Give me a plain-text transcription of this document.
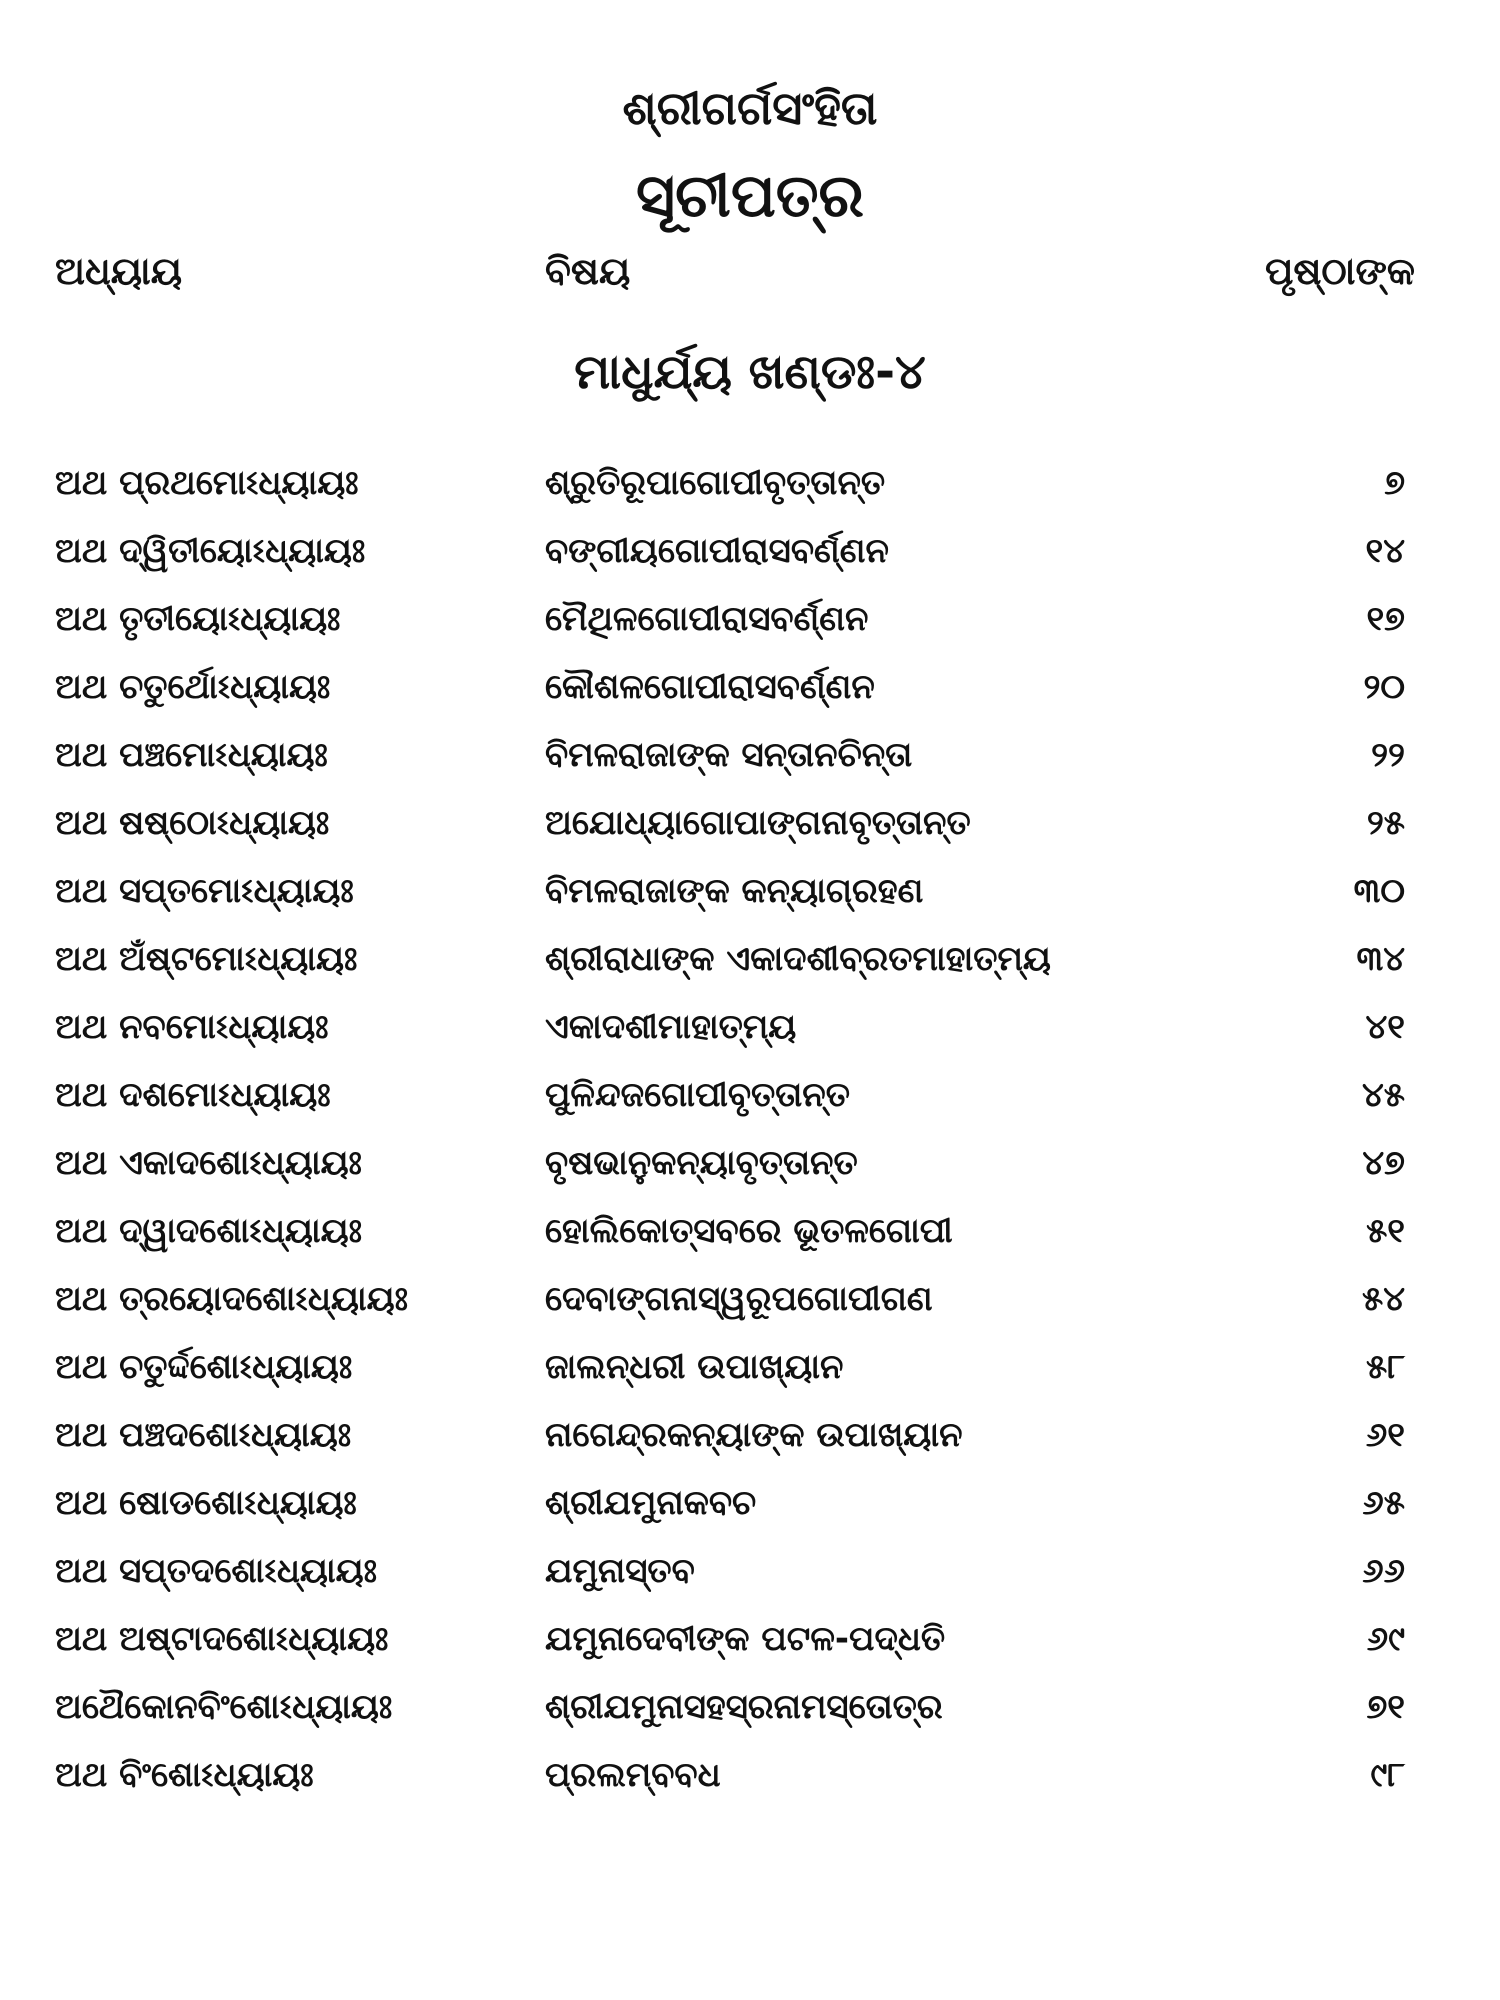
ଶ୍ରୀଗର୍ଗସଂହିତା
ସୂଚୀପତ୍ର
ଅଧ୍ୟାୟ	ବିଷୟ	ପୃଷ୍ଠାଙ୍କ
ମାଧୁର୍ଯ୍ୟ ଖଣ୍ଡଃ-୪
ଅଥ ପ୍ରଥମୋଽଧ୍ୟାୟଃ	ଶ୍ରୁତିରୂପାଗୋପୀବୃତ୍ତାନ୍ତ	୭
ଅଥ ଦ୍ୱିତୀୟୋଽଧ୍ୟାୟଃ	ବଙ୍ଗୀୟଗୋପୀରାସବର୍ଣ୍ଣନ	୧୪
ଅଥ ତୃତୀୟୋଽଧ୍ୟାୟଃ	ମୈଥିଳଗୋପୀରାସବର୍ଣ୍ଣନ	୧୭
ଅଥ ଚତୁର୍ଥୋଽଧ୍ୟାୟଃ	କୌଶଳଗୋପୀରାସବର୍ଣ୍ଣନ	୨୦
ଅଥ ପଞ୍ଚମୋଽଧ୍ୟାୟଃ	ବିମଳରାଜାଙ୍କ ସନ୍ତାନଚିନ୍ତା	୨୨
ଅଥ ଷଷ୍ଠୋଽଧ୍ୟାୟଃ	ଅଯୋଧ୍ୟାଗୋପାଙ୍ଗନାବୃତ୍ତାନ୍ତ	୨୫
ଅଥ ସପ୍ତମୋଽଧ୍ୟାୟଃ	ବିମଳରାଜାଙ୍କ କନ୍ୟାଗ୍ରହଣ	୩୦
ଅଥ ଅଁଷ୍ଟମୋଽଧ୍ୟାୟଃ	ଶ୍ରୀରାଧାଙ୍କ ଏକାଦଶୀବ୍ରତମାହାତ୍ମ୍ୟ	୩୪
ଅଥ ନବମୋଽଧ୍ୟାୟଃ	ଏକାଦଶୀମାହାତ୍ମ୍ୟ	୪୧
ଅଥ ଦଶମୋଽଧ୍ୟାୟଃ	ପୁଳିନ୍ଦଜଗୋପୀବୃତ୍ତାନ୍ତ	୪୫
ଅଥ ଏକାଦଶୋଽଧ୍ୟାୟଃ	ବୃଷଭାନୁକନ୍ୟାବୃତ୍ତାନ୍ତ	୪୭
ଅଥ ଦ୍ୱାଦଶୋଽଧ୍ୟାୟଃ	ହୋଲିକୋତ୍ସବରେ ଭୂତଳଗୋପୀ	୫୧
ଅଥ ତ୍ରୟୋଦଶୋଽଧ୍ୟାୟଃ	ଦେବାଙ୍ଗନାସ୍ୱରୂପଗୋପୀଗଣ	୫୪
ଅଥ ଚତୁର୍ଦ୍ଦଶୋଽଧ୍ୟାୟଃ	ଜାଲନ୍ଧରୀ ଉପାଖ୍ୟାନ	୫୮
ଅଥ ପଞ୍ଚଦଶୋଽଧ୍ୟାୟଃ	ନାଗେନ୍ଦ୍ରକନ୍ୟାଙ୍କ ଉପାଖ୍ୟାନ	୬୧
ଅଥ ଷୋଡଶୋଽଧ୍ୟାୟଃ	ଶ୍ରୀଯମୁନାକବଚ	୬୫
ଅଥ ସପ୍ତଦଶୋଽଧ୍ୟାୟଃ	ଯମୁନାସ୍ତବ	୬୬
ଅଥ ଅଷ୍ଟାଦଶୋଽଧ୍ୟାୟଃ	ଯମୁନାଦେବୀଙ୍କ ପଟଳ-ପଦ୍ଧତି	୬୯
ଅଥୈକୋନବିଂଶୋଽଧ୍ୟାୟଃ	ଶ୍ରୀଯମୁନାସହସ୍ରନାମସ୍ତୋତ୍ର	୭୧
ଅଥ ବିଂଶୋଽଧ୍ୟାୟଃ	ପ୍ରଲମ୍ବବଧ	୯୮
